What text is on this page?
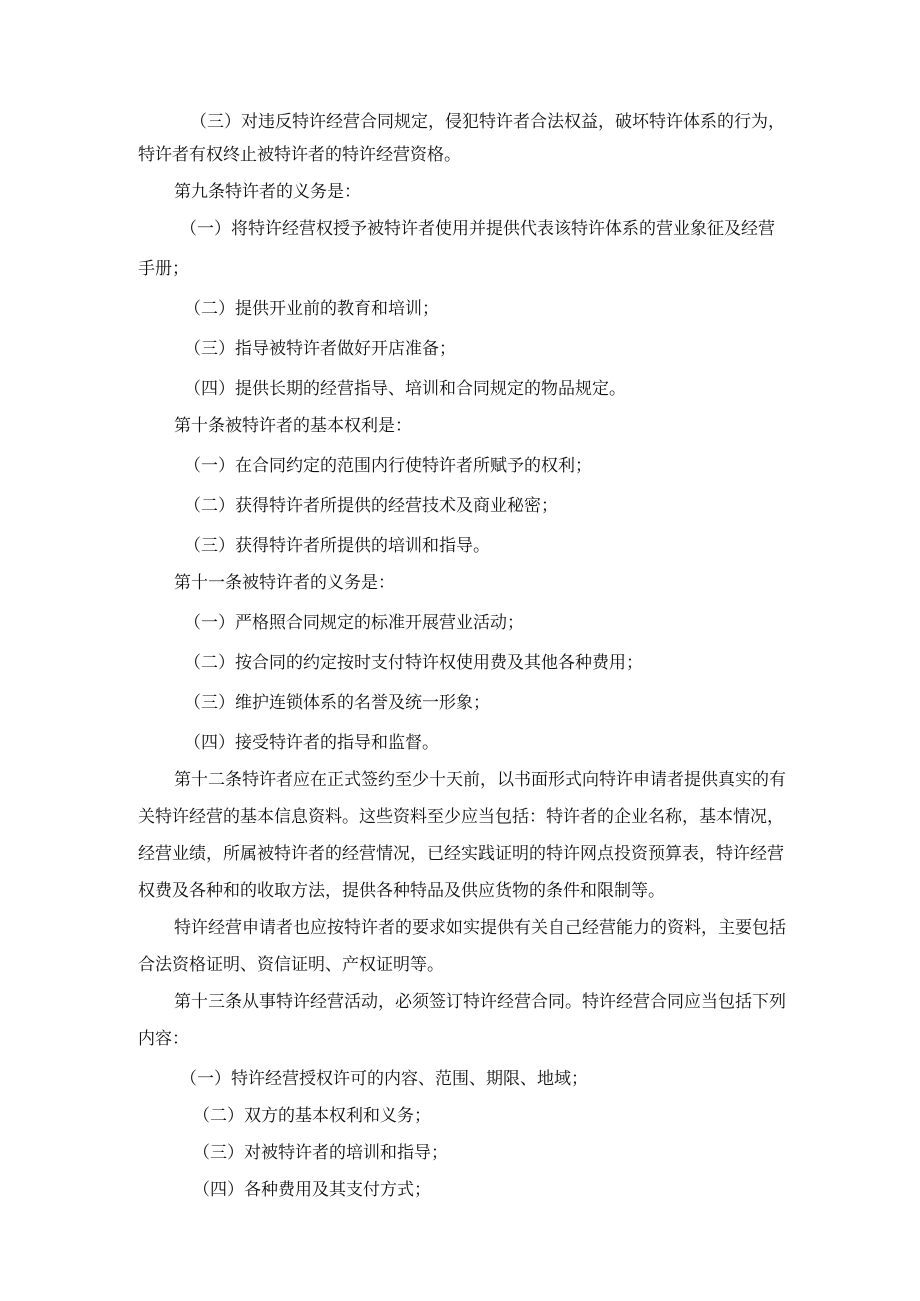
（三）对违反特许经营合同规定，侵犯特许者合法权益，破坏特许体系的行为，
特许者有权终止被特许者的特许经营资格。
第九条特许者的义务是：
（一）将特许经营权授予被特许者使用并提供代表该特许体系的营业象征及经营
手册；
（二）提供开业前的教育和培训；
（三）指导被特许者做好开店准备；
（四）提供长期的经营指导、培训和合同规定的物品规定。
第十条被特许者的基本权利是：
（一）在合同约定的范围内行使特许者所赋予的权利；
（二）获得特许者所提供的经营技术及商业秘密；
（三）获得特许者所提供的培训和指导。
第十一条被特许者的义务是：
（一）严格照合同规定的标准开展营业活动；
（二）按合同的约定按时支付特许权使用费及其他各种费用；
（三）维护连锁体系的名誉及统一形象；
（四）接受特许者的指导和监督。
第十二条特许者应在正式签约至少十天前，以书面形式向特许申请者提供真实的有
关特许经营的基本信息资料。这些资料至少应当包括：特许者的企业名称，基本情况，
经营业绩，所属被特许者的经营情况，已经实践证明的特许网点投资预算表，特许经营
权费及各种和的收取方法，提供各种特品及供应货物的条件和限制等。
特许经营申请者也应按特许者的要求如实提供有关自己经营能力的资料，主要包括
合法资格证明、资信证明、产权证明等。
第十三条从事特许经营活动，必须签订特许经营合同。特许经营合同应当包括下列
内容：
（一）特许经营授权许可的内容、范围、期限、地域；
（二）双方的基本权利和义务；
（三）对被特许者的培训和指导；
（四）各种费用及其支付方式；
